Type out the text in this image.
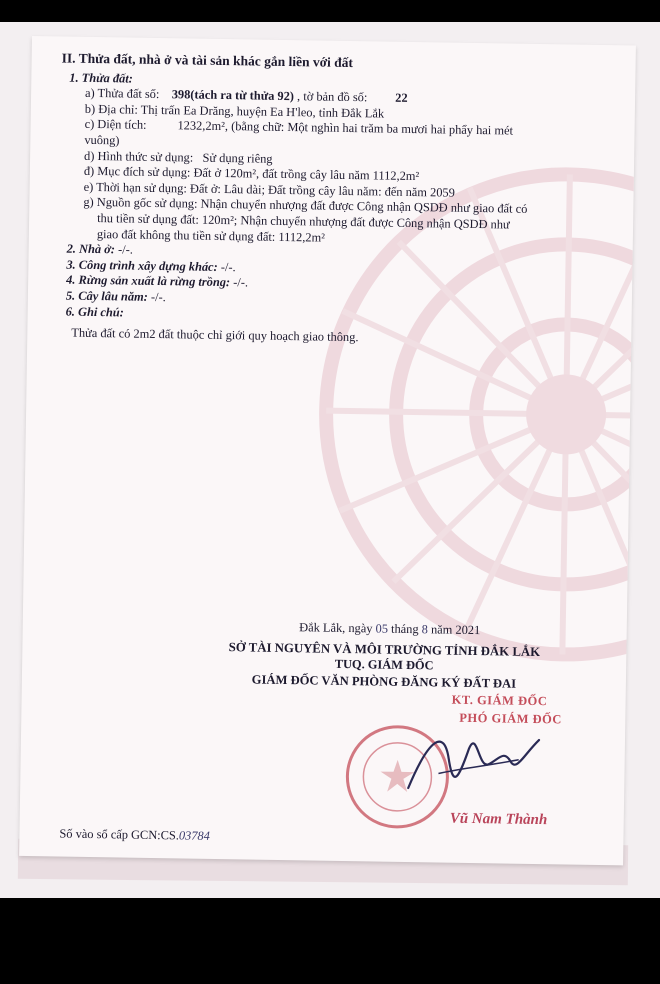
II. Thửa đất, nhà ở và tài sản khác gắn liền với đất
1. Thửa đất:
a) Thửa đất số: 398(tách ra từ thửa 92) , tờ bản đồ số: 22
b) Địa chỉ: Thị trấn Ea Drăng, huyện Ea H'leo, tỉnh Đắk Lắk
c) Diện tích: 1232,2m², (bằng chữ: Một nghìn hai trăm ba mươi hai phẩy hai mét
vuông)
d) Hình thức sử dụng: Sử dụng riêng
đ) Mục đích sử dụng: Đất ở 120m², đất trồng cây lâu năm 1112,2m²
e) Thời hạn sử dụng: Đất ở: Lâu dài; Đất trồng cây lâu năm: đến năm 2059
g) Nguồn gốc sử dụng: Nhận chuyển nhượng đất được Công nhận QSDĐ như giao đất có
thu tiền sử dụng đất: 120m²; Nhận chuyển nhượng đất được Công nhận QSDĐ như
giao đất không thu tiền sử dụng đất: 1112,2m²
2. Nhà ở: -/-.
3. Công trình xây dựng khác: -/-.
4. Rừng sản xuất là rừng trồng: -/-.
5. Cây lâu năm: -/-.
6. Ghi chú:
Thửa đất có 2m2 đất thuộc chỉ giới quy hoạch giao thông.
Đắk Lắk, ngày 05 tháng 8 năm 2021
SỞ TÀI NGUYÊN VÀ MÔI TRƯỜNG TỈNH ĐẮK LẮK
TUQ. GIÁM ĐỐC
GIÁM ĐỐC VĂN PHÒNG ĐĂNG KÝ ĐẤT ĐAI
KT. GIÁM ĐỐC
PHÓ GIÁM ĐỐC
Vũ Nam Thành
Số vào sổ cấp GCN:CS.03784
